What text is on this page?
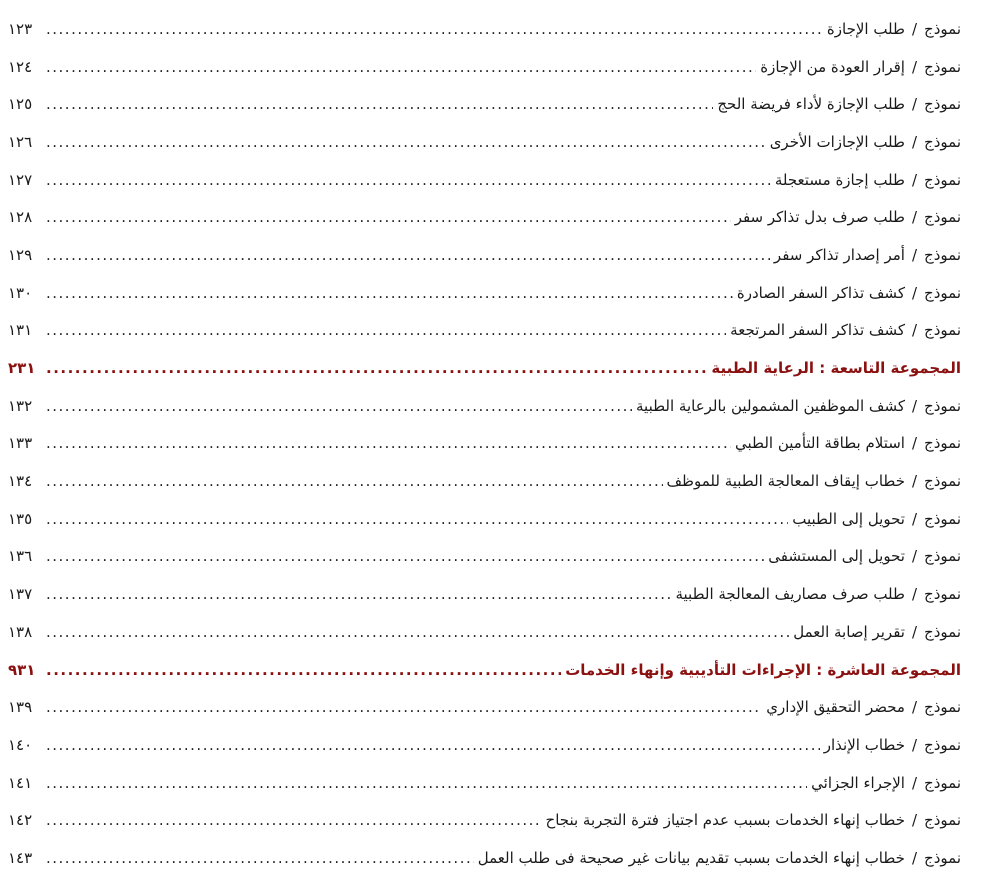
نموذج
/
طلب الإجازة
.....
١٢٣
نموذج
/
إقرار العودة من الإجازة
.....
١٢٤
نموذج
/
طلب الإجازة لأداء فريضة الحج
.....
١٢٥
نموذج
/
طلب الإجازات الأخرى
.....
١٢٦
نموذج
/
طلب إجازة مستعجلة
.....
١٢٧
نموذج
/
طلب صرف بدل تذاكر سفر
.....
١٢٨
نموذج
/
أمر إصدار تذاكر سفر
.....
١٢٩
نموذج
/
كشف تذاكر السفر الصادرة
.....
١٣٠
نموذج
/
كشف تذاكر السفر المرتجعة
.....
١٣١
المجموعة التاسعة : الرعاية الطبية
.....
٢٣١
نموذج
/
كشف الموظفين المشمولين بالرعاية الطبية
.....
١٣٢
نموذج
/
استلام بطاقة التأمين الطبي
.....
١٣٣
نموذج
/
خطاب إيقاف المعالجة الطبية للموظف
.....
١٣٤
نموذج
/
تحويل إلى الطبيب
.....
١٣٥
نموذج
/
تحويل إلى المستشفى
.....
١٣٦
نموذج
/
طلب صرف مصاريف المعالجة الطبية
.....
١٣٧
نموذج
/
تقرير إصابة العمل
.....
١٣٨
المجموعة العاشرة : الإجراءات التأديبية وإنهاء الخدمات
.....
٩٣١
نموذج
/
محضر التحقيق الإداري
.....
١٣٩
نموذج
/
خطاب الإنذار
.....
١٤٠
نموذج
/
الإجراء الجزائي
.....
١٤١
نموذج
/
خطاب إنهاء الخدمات بسبب عدم اجتياز فترة التجربة بنجاح
.....
١٤٢
نموذج
/
خطاب إنهاء الخدمات بسبب تقديم بيانات غير صحيحة فى طلب العمل
.....
١٤٣
